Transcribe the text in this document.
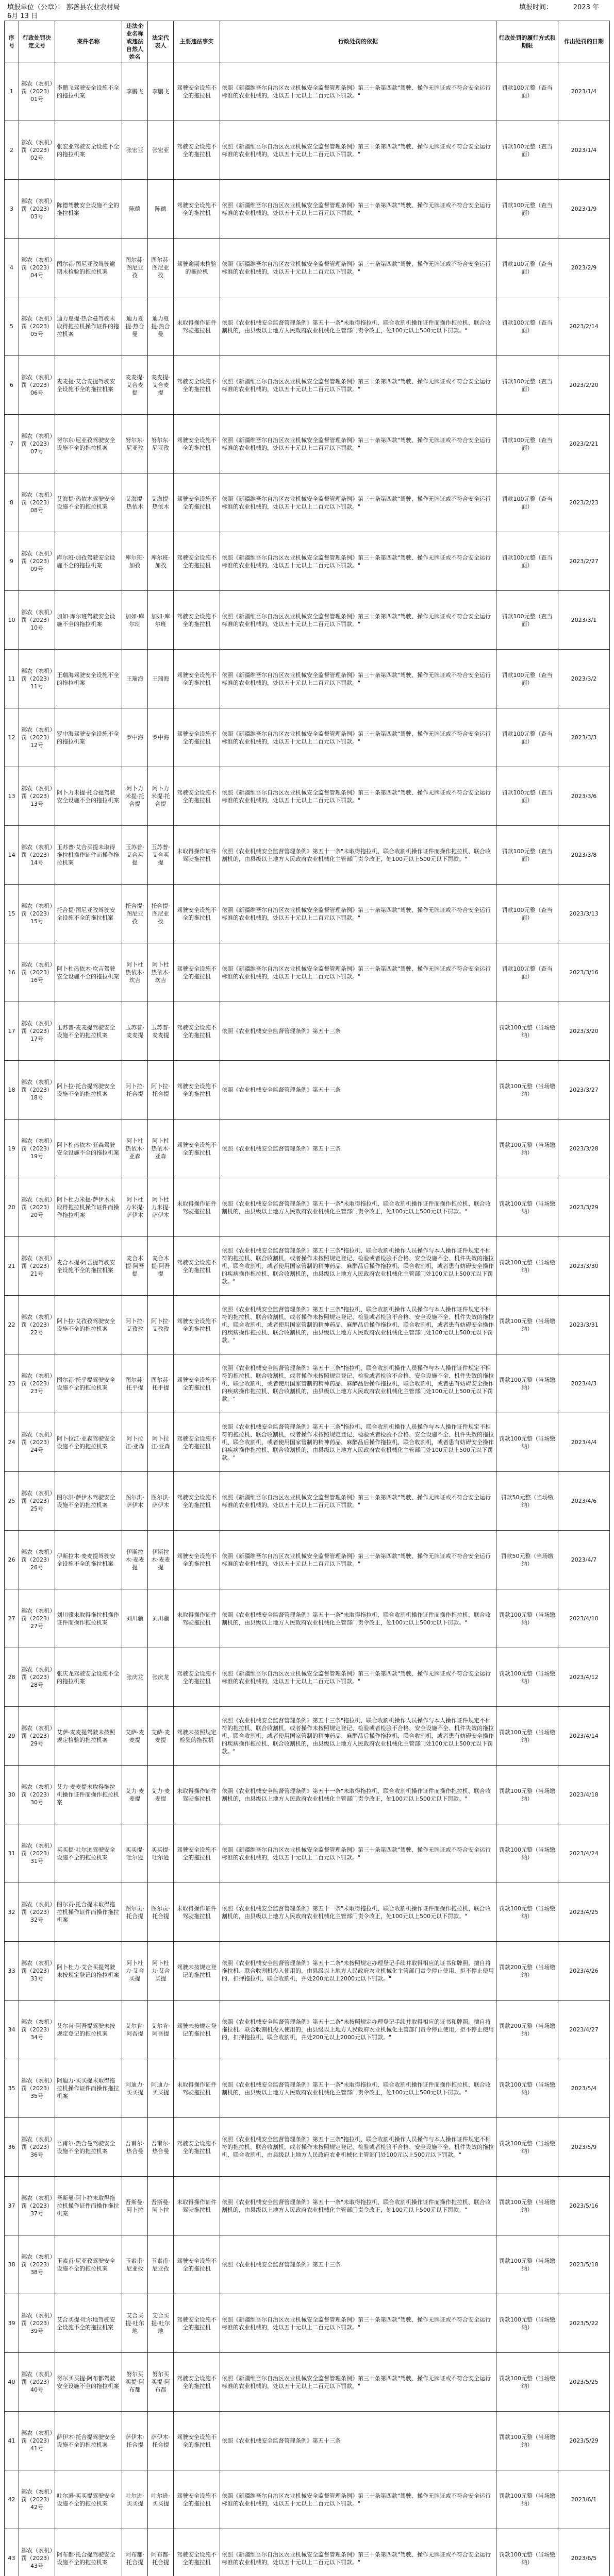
填报单位（公章）： 鄯善县农业农村局
6月 13 日
填报时间：	2023 年
序号	行政处罚决定文号	案件名称	违法企业名称或违法自然人姓名	法定代表人	主要违法事实	行政处罚的依据	行政处罚的履行方式和期限	作出处罚的日期
1	鄯农（农机）罚（2023）01号	李鹏飞驾驶安全设施不全的拖拉机案	李鹏飞	李鹏飞	驾驶安全设施不全的拖拉机	依照《新疆维吾尔自治区农业机械安全监督管理条例》第三十条第四款"驾驶、操作无牌证或不符合安全运行标准的农业机械的，处以五十元以上二百元以下罚款。"	罚款100元整（查当面）	2023/1/4
2	鄯农（农机）罚（2023）02号	张宏亚驾驶安全设施不全的拖拉机案	张宏亚	张宏亚	驾驶安全设施不全的拖拉机	依照《新疆维吾尔自治区农业机械安全监督管理条例》第三十条第四款"驾驶、操作无牌证或不符合安全运行标准的农业机械的，处以五十元以上二百元以下罚款。"	罚款100元整（查当面）	2023/1/4
3	鄯农（农机）罚（2023）03号	陈德驾驶安全设施不全的拖拉机案	陈德	陈德	驾驶安全设施不全的拖拉机	依照《新疆维吾尔自治区农业机械安全监督管理条例》第三十条第四款"驾驶、操作无牌证或不符合安全运行标准的农业机械的，处以五十元以上二百元以下罚款。"	罚款100元整（查当面）	2023/1/9
4	鄯农（农机）罚（2023）04号	图尔荪·图尼亚孜驾驶逾期未检验的拖拉机案	图尔荪·图尼亚孜	图尔荪·图尼亚孜	驾驶逾期未检验的拖拉机	依照《新疆维吾尔自治区农业机械安全监督管理条例》第三十条第四款"驾驶、操作无牌证或不符合安全运行标准的农业机械的，处以五十元以上二百元以下罚款。"	罚款100元整（查当面）	2023/2/9
5	鄯农（农机）罚（2023）05号	迪力夏提·热合曼驾驶未取得拖拉机操作证件的拖拉机案	迪力夏提·热合曼	迪力夏提·热合曼	未取得操作证件驾驶拖拉机	依照《农业机械安全监督管理条例》第五十一条"未取得拖拉机、联合收割机操作证件而操作拖拉机、联合收割机的，由县级以上地方人民政府农业机械化主管部门责令改正，处100元以上500元以下罚款。"	罚款100元整（查当面）	2023/2/14
6	鄯农（农机）罚（2023）06号	麦麦提·艾合麦提驾驶安全设施不全的拖拉机案	麦麦提·艾合麦提	麦麦提·艾合麦提	驾驶安全设施不全的拖拉机	依照《新疆维吾尔自治区农业机械安全监督管理条例》第三十条第四款"驾驶、操作无牌证或不符合安全运行标准的农业机械的，处以五十元以上二百元以下罚款。"	罚款100元整（查当面）	2023/2/20
7	鄯农（农机）罚（2023）07号	努尔东·尼亚孜驾驶安全设施不全的拖拉机案	努尔东·尼亚孜	努尔东·尼亚孜	驾驶安全设施不全的拖拉机	依照《新疆维吾尔自治区农业机械安全监督管理条例》第三十条第四款"驾驶、操作无牌证或不符合安全运行标准的农业机械的，处以五十元以上二百元以下罚款。"	罚款100元整（查当面）	2023/2/21
8	鄯农（农机）罚（2023）08号	艾海提·热依木驾驶安全设施不全的拖拉机案	艾海提·热依木	艾海提·热依木	驾驶安全设施不全的拖拉机	依照《新疆维吾尔自治区农业机械安全监督管理条例》第三十条第四款"驾驶、操作无牌证或不符合安全运行标准的农业机械的，处以五十元以上二百元以下罚款。"	罚款100元整（查当面）	2023/2/23
9	鄯农（农机）罚（2023）09号	库尔班·加孜驾驶安全设施不全的拖拉机案	库尔班·加孜	库尔班·加孜	驾驶安全设施不全的拖拉机	依照《新疆维吾尔自治区农业机械安全监督管理条例》第三十条第四款"驾驶、操作无牌证或不符合安全运行标准的农业机械的，处以五十元以上二百元以下罚款。"	罚款100元整（查当面）	2023/2/27
10	鄯农（农机）罚（2023）10号	加如·库尔班驾驶安全设施不全的拖拉机案	加如·库尔班	加如·库尔班	驾驶安全设施不全的拖拉机	依照《新疆维吾尔自治区农业机械安全监督管理条例》第三十条第四款"驾驶、操作无牌证或不符合安全运行标准的农业机械的，处以五十元以上二百元以下罚款。"	罚款100元整（查当面）	2023/3/1
11	鄯农（农机）罚（2023）11号	王瑞海驾驶安全设施不全的拖拉机案	王瑞海	王瑞海	驾驶安全设施不全的拖拉机	依照《新疆维吾尔自治区农业机械安全监督管理条例》第三十条第四款"驾驶、操作无牌证或不符合安全运行标准的农业机械的，处以五十元以上二百元以下罚款。"	罚款100元整（查当面）	2023/3/2
12	鄯农（农机）罚（2023）12号	罗中海驾驶安全设施不全的拖拉机案	罗中海	罗中海	驾驶安全设施不全的拖拉机	依照《新疆维吾尔自治区农业机械安全监督管理条例》第三十条第四款"驾驶、操作无牌证或不符合安全运行标准的农业机械的，处以五十元以上二百元以下罚款。"	罚款100元整（查当面）	2023/3/3
13	鄯农（农机）罚（2023）13号	阿卜力米提·托合提驾驶安全设施不全的拖拉机案	阿卜力米提·托合提	阿卜力米提·托合提	驾驶安全设施不全的拖拉机	依照《新疆维吾尔自治区农业机械安全监督管理条例》第三十条第四款"驾驶、操作无牌证或不符合安全运行标准的农业机械的，处以五十元以上二百元以下罚款。"	罚款100元整（查当面）	2023/3/6
14	鄯农（农机）罚（2023）14号	玉苏普·艾合买提未取得拖拉机操作证件而操作拖拉机案	玉苏普·艾合买提	玉苏普·艾合买提	未取得操作证件驾驶拖拉机	依照《农业机械安全监督管理条例》第五十一条"未取得拖拉机、联合收割机操作证件而操作拖拉机、联合收割机的，由县级以上地方人民政府农业机械化主管部门责令改正，处100元以上500元以下罚款。"	罚款100元整（查当面）	2023/3/8
15	鄯农（农机）罚（2023）15号	托合提·图尼亚孜驾驶安全设施不全的拖拉机案	托合提·图尼亚孜	托合提·图尼亚孜	驾驶安全设施不全的拖拉机	依照《新疆维吾尔自治区农业机械安全监督管理条例》第三十条第四款"驾驶、操作无牌证或不符合安全运行标准的农业机械的，处以五十元以上二百元以下罚款。"	罚款100元整（查当面）	2023/3/13
16	鄯农（农机）罚（2023）16号	阿卜杜热依木·坎吉驾驶安全设施不全的拖拉机案	阿卜杜热依木·坎吉	阿卜杜热依木·坎吉	驾驶安全设施不全的拖拉机	依照《新疆维吾尔自治区农业机械安全监督管理条例》第三十条第四款"驾驶、操作无牌证或不符合安全运行标准的农业机械的，处以五十元以上二百元以下罚款。"	罚款100元整（查当面）	2023/3/16
17	鄯农（农机）罚（2023）17号	玉苏普·麦麦提驾驶安全设施不全的拖拉机案	玉苏普·麦麦提	玉苏普·麦麦提	驾驶安全设施不全的拖拉机	依照《农业机械安全监督管理条例》第五十三条	罚款100元整（当场缴纳）	2023/3/20
18	鄯农（农机）罚（2023）18号	阿卜拉·托合提驾驶安全设施不全的拖拉机案	阿卜拉·托合提	阿卜拉·托合提	驾驶安全设施不全的拖拉机	依照《农业机械安全监督管理条例》第五十三条	罚款100元整（当场缴纳）	2023/3/27
19	鄯农（农机）罚（2023）19号	阿卜杜热依木·亚森驾驶安全设施不全的拖拉机案	阿卜杜热依木·亚森	阿卜杜热依木·亚森	驾驶安全设施不全的拖拉机	依照《农业机械安全监督管理条例》第五十三条	罚款100元整（当场缴纳）	2023/3/28
20	鄯农（农机）罚（2023）20号	阿卜杜力米提·萨伊木未取得拖拉机操作证件而操作拖拉机案	阿卜杜力米提·萨伊木	阿卜杜力米提·萨伊木	未取得操作证件驾驶拖拉机	依照《农业机械安全监督管理条例》第五十一条"未取得拖拉机、联合收割机操作证件而操作拖拉机、联合收割机的，由县级以上地方人民政府农业机械化主管部门责令改正，处100元以上500元以下罚款。"	罚款100元整（当场缴纳）	2023/3/29
21	鄯农（农机）罚（2023）21号	麦合木提·阿吾提驾驶安全设施不全的拖拉机案	麦合木提·阿吾提	麦合木提·阿吾提	驾驶安全设施不全的拖拉机	依照《农业机械安全监督管理条例》第五十三条"拖拉机、联合收割机操作人员操作与本人操作证件规定不相符的拖拉机、联合收割机，或者操作未按照规定登记、检验或者检验不合格、安全设施不全、机件失效的拖拉机、联合收割机，或者使用国家管制的精神药品、麻醉品后操作拖拉机、联合收割机，或者患有妨碍安全操作的疾病操作拖拉机、联合收割机的，由县级以上地方人民政府农业机械化主管部门处100元以上500元以下罚款。"	罚款100元整（当场缴纳）	2023/3/30
22	鄯农（农机）罚（2023）22号	阿卜拉·艾孜孜驾驶安全设施不全的拖拉机案	阿卜拉·艾孜孜	阿卜拉·艾孜孜	驾驶安全设施不全的拖拉机	依照《农业机械安全监督管理条例》第五十三条"拖拉机、联合收割机操作人员操作与本人操作证件规定不相符的拖拉机、联合收割机，或者操作未按照规定登记、检验或者检验不合格、安全设施不全、机件失效的拖拉机、联合收割机，或者使用国家管制的精神药品、麻醉品后操作拖拉机、联合收割机，或者患有妨碍安全操作的疾病操作拖拉机、联合收割机的，由县级以上地方人民政府农业机械化主管部门处100元以上500元以下罚款。"	罚款100元整（当场缴纳）	2023/3/31
23	鄯农（农机）罚（2023）23号	图尔荪·托乎提驾驶安全设施不全的拖拉机案	图尔荪·托乎提	图尔荪·托乎提	驾驶安全设施不全的拖拉机	依照《农业机械安全监督管理条例》第五十三条"拖拉机、联合收割机操作人员操作与本人操作证件规定不相符的拖拉机、联合收割机，或者操作未按照规定登记、检验或者检验不合格、安全设施不全、机件失效的拖拉机、联合收割机，或者使用国家管制的精神药品、麻醉品后操作拖拉机、联合收割机，或者患有妨碍安全操作的疾病操作拖拉机、联合收割机的，由县级以上地方人民政府农业机械化主管部门处100元以上500元以下罚款。"	罚款100元整（当场缴纳）	2023/4/3
24	鄯农（农机）罚（2023）24号	阿卜拉江·亚森驾驶安全设施不全的拖拉机案	阿卜拉江·亚森	阿卜拉江·亚森	驾驶安全设施不全的拖拉机	依照《农业机械安全监督管理条例》第五十三条"拖拉机、联合收割机操作人员操作与本人操作证件规定不相符的拖拉机、联合收割机，或者操作未按照规定登记、检验或者检验不合格、安全设施不全、机件失效的拖拉机、联合收割机，或者使用国家管制的精神药品、麻醉品后操作拖拉机、联合收割机，或者患有妨碍安全操作的疾病操作拖拉机、联合收割机的，由县级以上地方人民政府农业机械化主管部门处100元以上500元以下罚款。"	罚款100元整（当场缴纳）	2023/4/4
25	鄯农（农机）罚（2023）25号	图尔洪·萨伊木驾驶安全设施不全的拖拉机案	图尔洪·萨伊木	图尔洪·萨伊木	驾驶安全设施不全的拖拉机	依照《新疆维吾尔自治区农业机械安全监督管理条例》第三十条第四款"驾驶、操作无牌证或不符合安全运行标准的农业机械的，处以五十元以上二百元以下罚款。"	罚款50元整（当场缴纳）	2023/4/6
26	鄯农（农机）罚（2023）26号	伊斯拉木·麦麦提驾驶安全设施不全的拖拉机案	伊斯拉木·麦麦提	伊斯拉木·麦麦提	驾驶安全设施不全的拖拉机	依照《新疆维吾尔自治区农业机械安全监督管理条例》第三十条第四款"驾驶、操作无牌证或不符合安全运行标准的农业机械的，处以五十元以上二百元以下罚款。"	罚款50元整（当场缴纳）	2023/4/7
27	鄯农（农机）罚（2023）27号	刘川骥未取得拖拉机操作证件而操作拖拉机案	刘川骥	刘川骥	未取得操作证件驾驶拖拉机	依照《农业机械安全监督管理条例》第五十一条"未取得拖拉机、联合收割机操作证件而操作拖拉机、联合收割机的，由县级以上地方人民政府农业机械化主管部门责令改正，处100元以上500元以下罚款。"	罚款100元整（当场缴纳）	2023/4/10
28	鄯农（农机）罚（2023）28号	张庆龙驾驶安全设施不全的拖拉机案	张庆龙	张庆龙	驾驶安全设施不全的拖拉机	依照《新疆维吾尔自治区农业机械安全监督管理条例》第三十条第四款"驾驶、操作无牌证或不符合安全运行标准的农业机械的，处以五十元以上二百元以下罚款。"	罚款100元整（当场缴纳）	2023/4/12
29	鄯农（农机）罚（2023）29号	艾萨·麦麦提驾驶未按照规定检验的拖拉机案	艾萨·麦麦提	艾萨·麦麦提	驾驶未按照规定检验的拖拉机	依照《农业机械安全监督管理条例》第五十三条"拖拉机、联合收割机操作人员操作与本人操作证件规定不相符的拖拉机、联合收割机，或者操作未按照规定登记、检验或者检验不合格、安全设施不全、机件失效的拖拉机、联合收割机，或者使用国家管制的精神药品、麻醉品后操作拖拉机、联合收割机，或者患有妨碍安全操作的疾病操作拖拉机、联合收割机的，由县级以上地方人民政府农业机械化主管部门处100元以上500元以下罚款。"	罚款100元整（当场缴纳）	2023/4/14
30	鄯农（农机）罚（2023）30号	艾力·麦麦提未取得拖拉机操作证件而操作拖拉机案	艾力·麦麦提	艾力·麦麦提	未取得操作证件驾驶拖拉机	依照《农业机械安全监督管理条例》第五十一条"未取得拖拉机、联合收割机操作证件而操作拖拉机、联合收割机的，由县级以上地方人民政府农业机械化主管部门责令改正，处100元以上500元以下罚款。"	罚款100元整（当场缴纳）	2023/4/18
31	鄯农（农机）罚（2023）31号	买买提·吐尔逊驾驶安全设施不全的拖拉机案	买买提·吐尔逊	买买提·吐尔逊	驾驶安全设施不全的拖拉机	依照《新疆维吾尔自治区农业机械安全监督管理条例》第三十条第四款"驾驶、操作无牌证或不符合安全运行标准的农业机械的，处以五十元以上二百元以下罚款。"	罚款100元整（当场缴纳）	2023/4/24
32	鄯农（农机）罚（2023）32号	图尔贡·托合提未取得拖拉机操作证件而操作拖拉机案	图尔贡·托合提	图尔贡·托合提	未取得操作证件驾驶拖拉机	依照《农业机械安全监督管理条例》第五十一条"未取得拖拉机、联合收割机操作证件而操作拖拉机、联合收割机的，由县级以上地方人民政府农业机械化主管部门责令改正，处100元以上500元以下罚款。"	罚款100元整（当场缴纳）	2023/4/25
33	鄯农（农机）罚（2023）33号	阿卜杜力·艾合买提驾驶未按规定登记的拖拉机案	阿卜杜力·艾合买提	阿卜杜力·艾合买提	驾驶未按规定登记的拖拉机	依照《农业机械安全监督管理条例》第五十二条"未按照规定办理登记手续并取得相应的证书和牌照，擅自将拖拉机、联合收割机投入使用的，由县级以上地方人民政府农业机械化主管部门责令停止使用，拒不停止使用的，扣押拖拉机、联合收割机，并处200元以上2000元以下罚款。"	罚款200元整（当场缴纳）	2023/4/26
34	鄯农（农机）罚（2023）34号	艾尔肯·阿吾提驾驶未按规定登记的拖拉机案	艾尔肯·阿吾提	艾尔肯·阿吾提	驾驶未按规定登记的拖拉机	依照《农业机械安全监督管理条例》第五十二条"未按照规定办理登记手续并取得相应的证书和牌照，擅自将拖拉机、联合收割机投入使用的，由县级以上地方人民政府农业机械化主管部门责令停止使用，拒不停止使用的，扣押拖拉机、联合收割机，并处200元以上2000元以下罚款。"	罚款200元整（当场缴纳）	2023/4/27
35	鄯农（农机）罚（2023）35号	阿迪力·买买提未取得拖拉机操作证件而操作拖拉机案	阿迪力·买买提	阿迪力·买买提	未取得操作证件驾驶拖拉机	依照《农业机械安全监督管理条例》第五十一条"未取得拖拉机、联合收割机操作证件而操作拖拉机、联合收割机的，由县级以上地方人民政府农业机械化主管部门责令改正，处100元以上500元以下罚款。"	罚款100元整（当场缴纳）	2023/5/4
36	鄯农（农机）罚（2023）36号	吾甫尔·热合曼驾驶安全设施不全的拖拉机案	吾甫尔·热合曼	吾甫尔·热合曼	驾驶安全设施不全的拖拉机	依照《农业机械安全监督管理条例》第五十三条"拖拉机、联合收割机操作人员操作与本人操作证件规定不相符的拖拉机、联合收割机，或者操作未按照规定登记、检验或者检验不合格、安全设施不全、机件失效的拖拉机、联合收割机，由县级以上地方人民政府农业机械化主管部门处100元以上500元以下罚款。"	罚款100元整（当场缴纳）	2023/5/9
37	鄯农（农机）罚（2023）37号	吾斯曼·阿卜拉未取得拖拉机操作证件而操作拖拉机案	吾斯曼·阿卜拉	吾斯曼·阿卜拉	未取得操作证件驾驶拖拉机	依照《农业机械安全监督管理条例》第五十一条"未取得拖拉机、联合收割机操作证件而操作拖拉机、联合收割机的，由县级以上地方人民政府农业机械化主管部门责令改正，处100元以上500元以下罚款。"	罚款100元整（当场缴纳）	2023/5/16
38	鄯农（农机）罚（2023）38号	玉素甫·尼亚孜驾驶安全设施不全的拖拉机案	玉素甫·尼亚孜	玉素甫·尼亚孜	驾驶安全设施不全的拖拉机	依照《农业机械安全监督管理条例》第五十三条	罚款100元整（当场缴纳）	2023/5/18
39	鄯农（农机）罚（2023）39号	艾合买提·吐尔地驾驶安全设施不全的拖拉机案	艾合买提·吐尔地	艾合买提·吐尔地	驾驶安全设施不全的拖拉机	依照《新疆维吾尔自治区农业机械安全监督管理条例》第三十条第四款"驾驶、操作无牌证或不符合安全运行标准的农业机械的，处以五十元以上二百元以下罚款。"	罚款100元整（当场缴纳）	2023/5/22
40	鄯农（农机）罚（2023）40号	努尔买买提·阿布都驾驶安全设施不全的拖拉机案	努尔买买提·阿布都	努尔买买提·阿布都	驾驶安全设施不全的拖拉机	依照《新疆维吾尔自治区农业机械安全监督管理条例》第三十条第四款"驾驶、操作无牌证或不符合安全运行标准的农业机械的，处以五十元以上二百元以下罚款。"	罚款100元整（当场缴纳）	2023/5/25
41	鄯农（农机）罚（2023）41号	萨伊木·托合提驾驶安全设施不全的拖拉机案	萨伊木·托合提	萨伊木·托合提	驾驶安全设施不全的拖拉机	依照《农业机械安全监督管理条例》第五十三条	罚款100元整（当场缴纳）	2023/5/29
42	鄯农（农机）罚（2023）42号	吐尔逊·买买提驾驶安全设施不全的拖拉机案	吐尔逊·买买提	吐尔逊·买买提	驾驶安全设施不全的拖拉机	依照《新疆维吾尔自治区农业机械安全监督管理条例》第三十条第四款"驾驶、操作无牌证或不符合安全运行标准的农业机械的，处以五十元以上二百元以下罚款。"	罚款100元整（当场缴纳）	2023/6/1
43	鄯农（农机）罚（2023）43号	阿布都·托合提驾驶安全设施不全的拖拉机案	阿布都·托合提	阿布都·托合提	驾驶安全设施不全的拖拉机	依照《新疆维吾尔自治区农业机械安全监督管理条例》第三十条第四款"驾驶、操作无牌证或不符合安全运行标准的农业机械的，处以五十元以上二百元以下罚款。"	罚款100元整（当场缴纳）	2023/6/5
